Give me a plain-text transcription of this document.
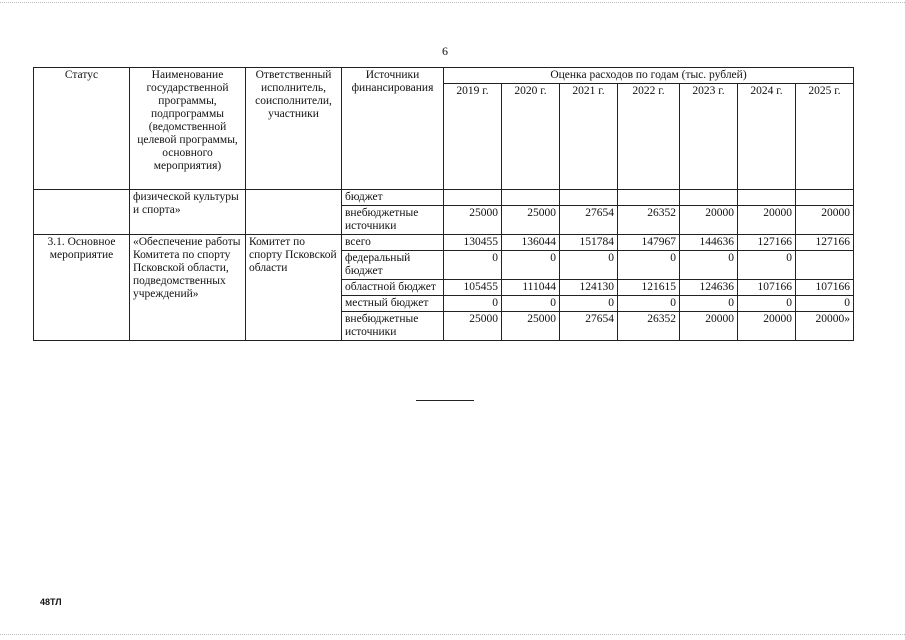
6
Статус	Наименование государственной программы, подпрограммы (ведомственной целевой программы, основного мероприятия)	Ответственный исполнитель, соисполнители, участники	Источники финансирования	Оценка расходов по годам (тыс. рублей)						
				2019 г.	2020 г.	2021 г.	2022 г.	2023 г.	2024 г.	2025 г.
	физической культуры и спорта»		бюджет							
			внебюджетные источники	25000	25000	27654	26352	20000	20000	20000
3.1. Основное мероприятие	«Обеспечение работы Комитета по спорту Псковской области, подведомственных учреждений»	Комитет по спорту Псковской области	всего	130455	136044	151784	147967	144636	127166	127166
			федеральный бюджет	0	0	0	0	0	0	
			областной бюджет	105455	111044	124130	121615	124636	107166	107166
			местный бюджет	0	0	0	0	0	0	0
			внебюджетные источники	25000	25000	27654	26352	20000	20000	20000»
48ТЛ
